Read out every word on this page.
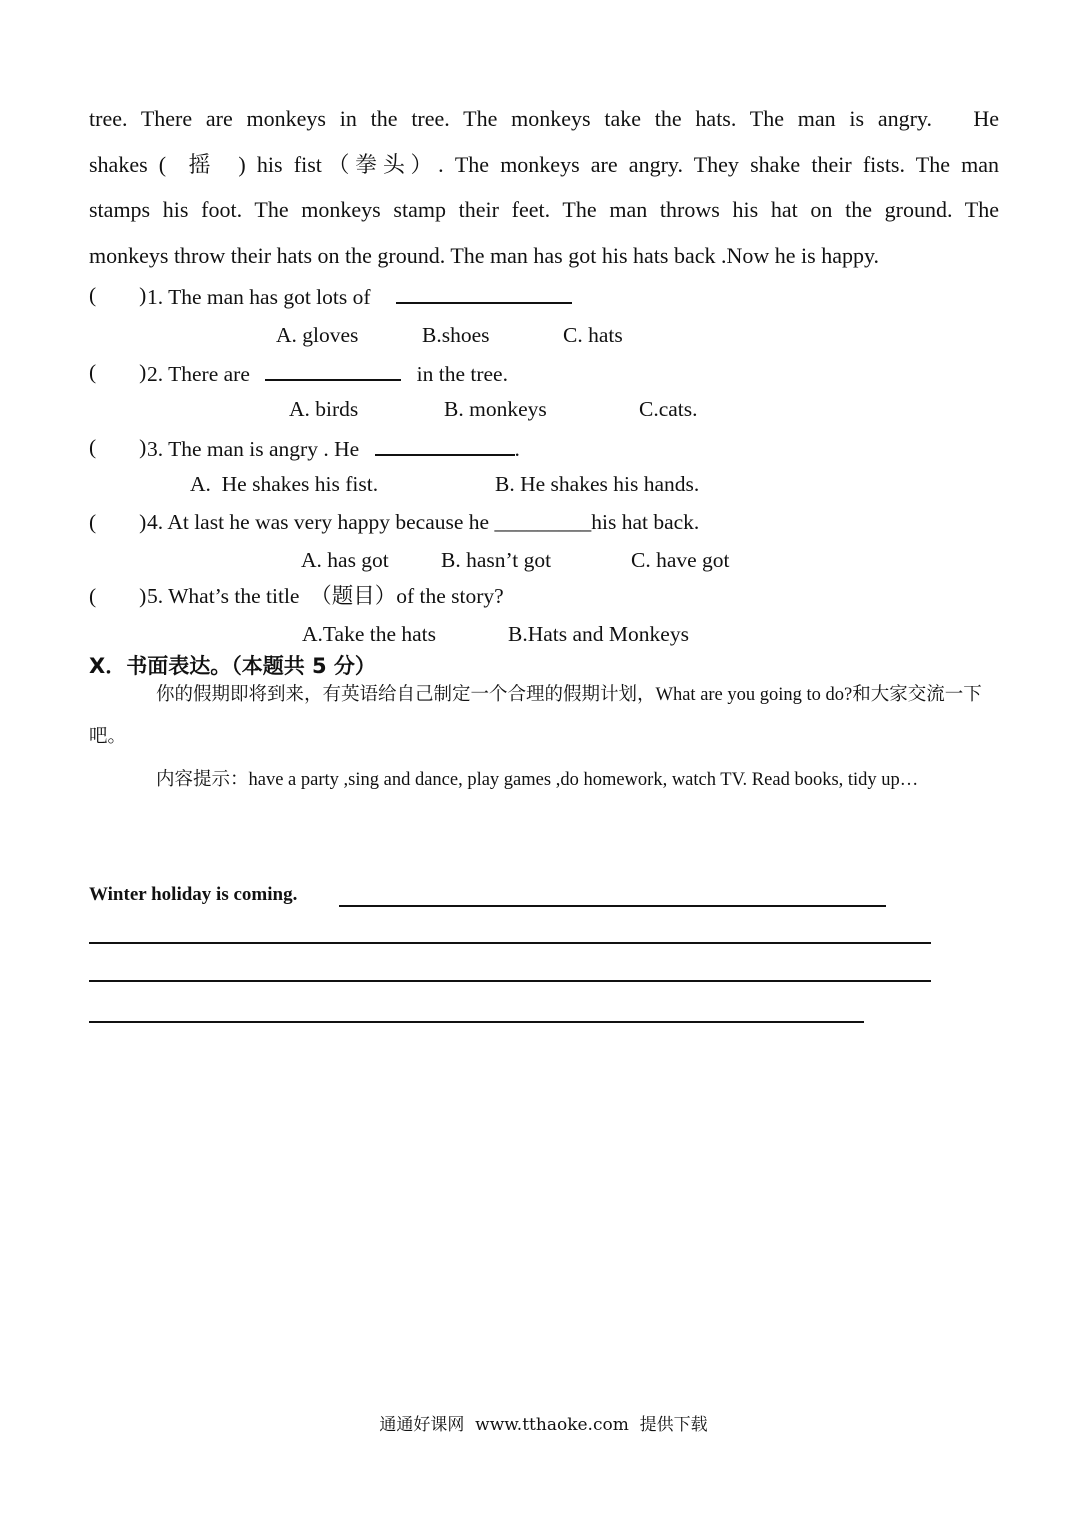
tree. There are monkeys in the tree. The monkeys take the hats. The man is angry.   He

shakes (  摇  ) his fist（拳头）. The monkeys are angry. They shake their fists. The man

stamps his foot. The monkeys stamp their feet. The man throws his hat on the ground. The

monkeys throw their hats on the ground. The man has got his hats back .Now he is happy.

(        ) 1. The man has got lots of
A. gloves	B.shoes	C. hats
(        ) 2. There are	in the tree.
A. birds	B. monkeys	C.cats.
(        ) 3. The man is angry . He	.
A.  He shakes his fist.	B. He shakes his hands.
(        ) 4. At last he was very happy because he _________his hat back.
A. has got B. hasn’t got	C. have got
(        ) 5. What’s the title  （题目）of the story?
A.Take the hats	B.Hats and Monkeys
X．书面表达。（本题共 5 分）
你的假期即将到来，有英语给自己制定一个合理的假期计划，What are you going to do?和大家交流一下吧。
内容提示：have a party ,sing and dance, play games ,do homework, watch TV. Read books, tidy up…
Winter holiday is coming.
通通好课网  www.tthaoke.com  提供下载
